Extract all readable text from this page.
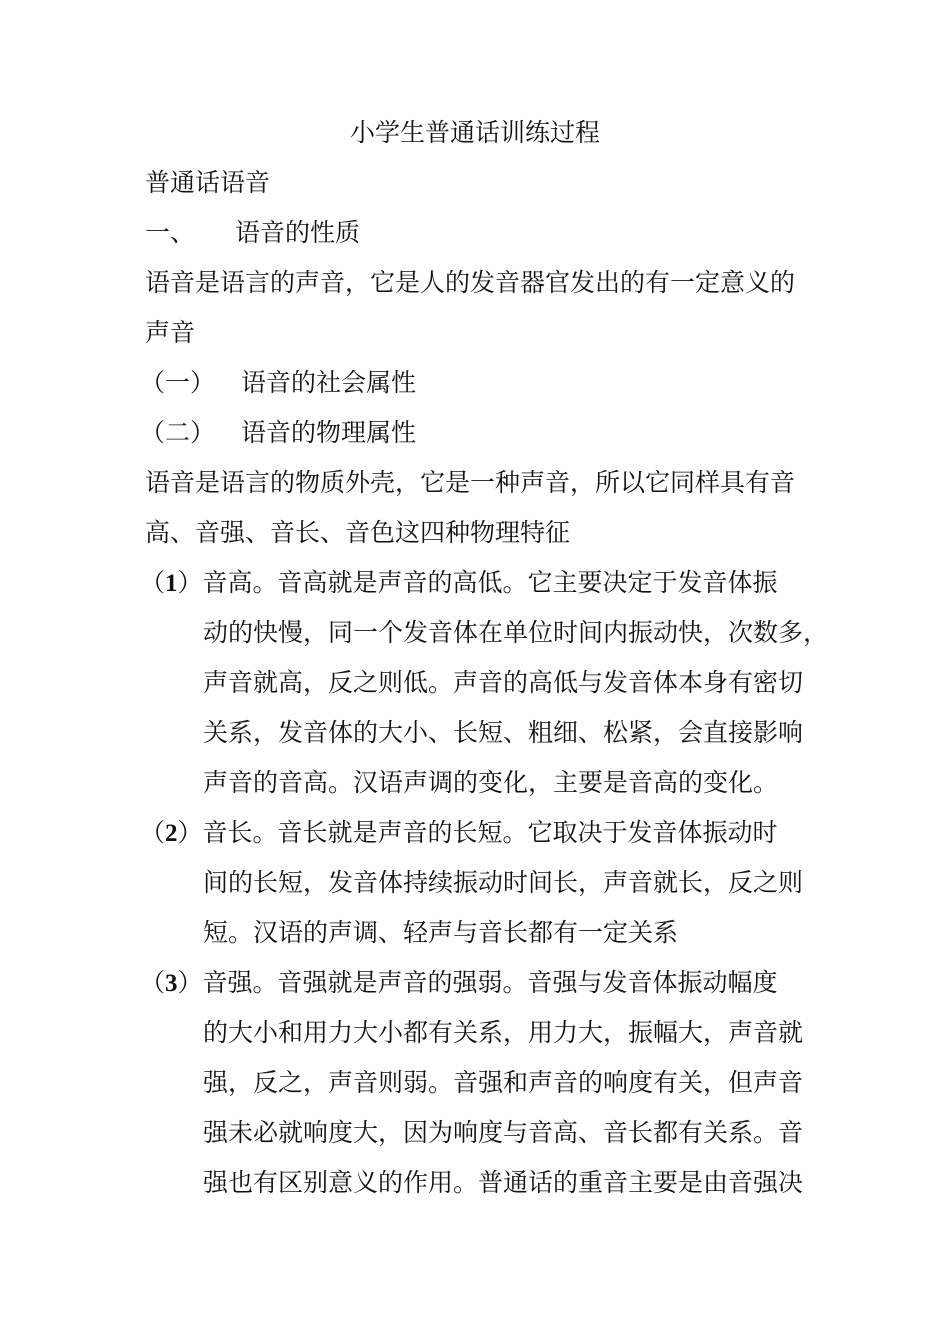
小学生普通话训练过程
普通话语音
一、 语音的性质
语音是语言的声音，它是人的发音器官发出的有一定意义的
声音
（一） 语音的社会属性
（二） 语音的物理属性
语音是语言的物质外壳，它是一种声音，所以它同样具有音
高、音强、音长、音色这四种物理特征
（1）音高。音高就是声音的高低。它主要决定于发音体振
动的快慢，同一个发音体在单位时间内振动快，次数多，
声音就高，反之则低。声音的高低与发音体本身有密切
关系，发音体的大小、长短、粗细、松紧，会直接影响
声音的音高。汉语声调的变化，主要是音高的变化。
（2）音长。音长就是声音的长短。它取决于发音体振动时
间的长短，发音体持续振动时间长，声音就长，反之则
短。汉语的声调、轻声与音长都有一定关系
（3）音强。音强就是声音的强弱。音强与发音体振动幅度
的大小和用力大小都有关系，用力大，振幅大，声音就
强，反之，声音则弱。音强和声音的响度有关，但声音
强未必就响度大，因为响度与音高、音长都有关系。音
强也有区别意义的作用。普通话的重音主要是由音强决
